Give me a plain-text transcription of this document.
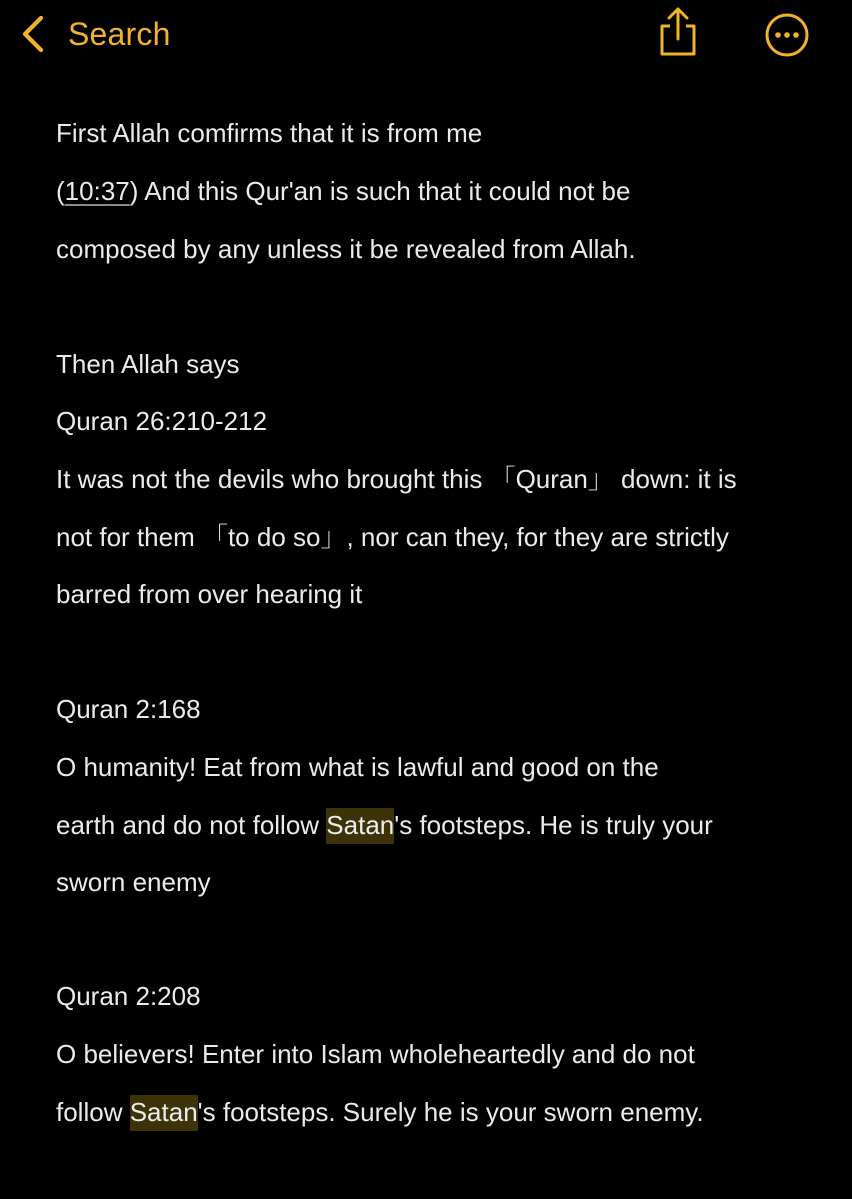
Search
First Allah comfirms that it is from me
(10:37) And this Qur'an is such that it could not be
composed by any unless it be revealed from Allah.
Then Allah says
Quran 26:210-212
It was not the devils who brought this 「Quran」 down: it is
not for them 「to do so」, nor can they, for they are strictly
barred from over hearing it
Quran 2:168
O humanity! Eat from what is lawful and good on the
earth and do not follow Satan's footsteps. He is truly your
sworn enemy
Quran 2:208
O believers! Enter into Islam wholeheartedly and do not
follow Satan's footsteps. Surely he is your sworn enemy.
